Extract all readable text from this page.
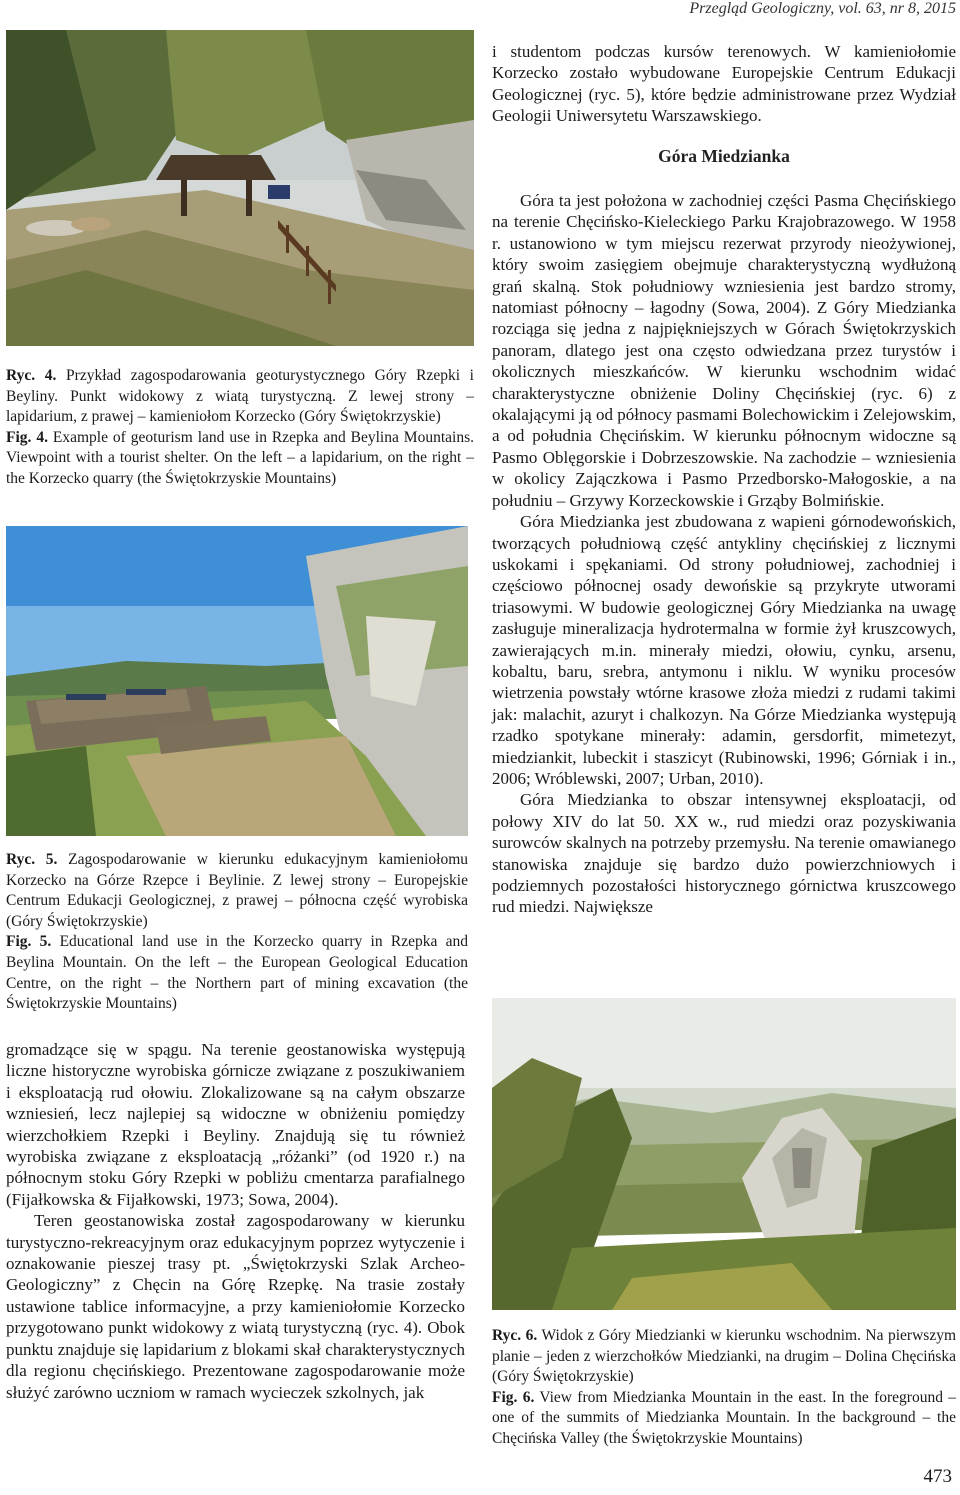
Przegląd Geologiczny, vol. 63, nr 8, 2015

Ryc. 4. Przykład zagospodarowania geoturystycznego Góry Rzepki i Beyliny. Punkt widokowy z wiatą turystyczną. Z lewej strony – lapidarium, z prawej – kamieniołom Korzecko (Góry Świętokrzyskie)

Fig. 4. Example of geoturism land use in Rzepka and Beylina Mountains. Viewpoint with a tourist shelter. On the left – a lapidarium, on the right – the Korzecko quarry (the Świętokrzyskie Mountains)

Ryc. 5. Zagospodarowanie w kierunku edukacyjnym kamieniołomu Korzecko na Górze Rzepce i Beylinie. Z lewej strony – Europejskie Centrum Edukacji Geologicznej, z prawej – północna część wyrobiska (Góry Świętokrzyskie)

Fig. 5. Educational land use in the Korzecko quarry in Rzepka and Beylina Mountain. On the left – the European Geological Education Centre, on the right – the Northern part of mining excavation (the Świętokrzyskie Mountains)

gromadzące się w spągu. Na terenie geostanowiska występują liczne historyczne wyrobiska górnicze związane z poszukiwaniem i eksploatacją rud ołowiu. Zlokalizowane są na całym obszarze wzniesień, lecz najlepiej są widoczne w obniżeniu pomiędzy wierzchołkiem Rzepki i Beyliny. Znajdują się tu również wyrobiska związane z eksploatacją „różanki” (od 1920 r.) na północnym stoku Góry Rzepki w pobliżu cmentarza parafialnego (Fijałkowska & Fijałkowski, 1973; Sowa, 2004).

Teren geostanowiska został zagospodarowany w kierunku turystyczno-rekreacyjnym oraz edukacyjnym poprzez wytyczenie i oznakowanie pieszej trasy pt. „Świętokrzyski Szlak Archeo-Geologiczny” z Chęcin na Górę Rzepkę. Na trasie zostały ustawione tablice informacyjne, a przy kamieniołomie Korzecko przygotowano punkt widokowy z wiatą turystyczną (ryc. 4). Obok punktu znajduje się lapidarium z blokami skał charakterystycznych dla regionu chęcińskiego. Prezentowane zagospodarowanie może służyć zarówno uczniom w ramach wycieczek szkolnych, jak

i studentom podczas kursów terenowych. W kamieniołomie Korzecko zostało wybudowane Europejskie Centrum Edukacji Geologicznej (ryc. 5), które będzie administrowane przez Wydział Geologii Uniwersytetu Warszawskiego.

Góra Miedzianka

Góra ta jest położona w zachodniej części Pasma Chęcińskiego na terenie Chęcińsko-Kieleckiego Parku Krajobrazowego. W 1958 r. ustanowiono w tym miejscu rezerwat przyrody nieożywionej, który swoim zasięgiem obejmuje charakterystyczną wydłużoną grań skalną. Stok południowy wzniesienia jest bardzo stromy, natomiast północny – łagodny (Sowa, 2004). Z Góry Miedzianka rozciąga się jedna z najpiękniejszych w Górach Świętokrzyskich panoram, dlatego jest ona często odwiedzana przez turystów i okolicznych mieszkańców. W kierunku wschodnim widać charakterystyczne obniżenie Doliny Chęcińskiej (ryc. 6) z okalającymi ją od północy pasmami Bolechowickim i Zelejowskim, a od południa Chęcińskim. W kierunku północnym widoczne są Pasmo Oblęgorskie i Dobrzeszowskie. Na zachodzie – wzniesienia w okolicy Zajączkowa i Pasmo Przedborsko-Małogoskie, a na południu – Grzywy Korzeckowskie i Grząby Bolmińskie.

Góra Miedzianka jest zbudowana z wapieni górnodewońskich, tworzących południową część antykliny chęcińskiej z licznymi uskokami i spękaniami. Od strony południowej, zachodniej i częściowo północnej osady dewońskie są przykryte utworami triasowymi. W budowie geologicznej Góry Miedzianka na uwagę zasługuje mineralizacja hydrotermalna w formie żył kruszcowych, zawierających m.in. minerały miedzi, ołowiu, cynku, arsenu, kobaltu, baru, srebra, antymonu i niklu. W wyniku procesów wietrzenia powstały wtórne krasowe złoża miedzi z rudami takimi jak: malachit, azuryt i chalkozyn. Na Górze Miedzianka występują rzadko spotykane minerały: adamin, gersdorfit, mimetezyt, miedziankit, lubeckit i staszicyt (Rubinowski, 1996; Górniak i in., 2006; Wróblewski, 2007; Urban, 2010).

Góra Miedzianka to obszar intensywnej eksploatacji, od połowy XIV do lat 50. XX w., rud miedzi oraz pozyskiwania surowców skalnych na potrzeby przemysłu. Na terenie omawianego stanowiska znajduje się bardzo dużo powierzchniowych i podziemnych pozostałości historycznego górnictwa kruszcowego rud miedzi. Największe

Ryc. 6. Widok z Góry Miedzianki w kierunku wschodnim. Na pierwszym planie – jeden z wierzchołków Miedzianki, na drugim – Dolina Chęcińska (Góry Świętokrzyskie)

Fig. 6. View from Miedzianka Mountain in the east. In the foreground – one of the summits of Miedzianka Mountain. In the background – the Chęcińska Valley (the Świętokrzyskie Mountains)

473
